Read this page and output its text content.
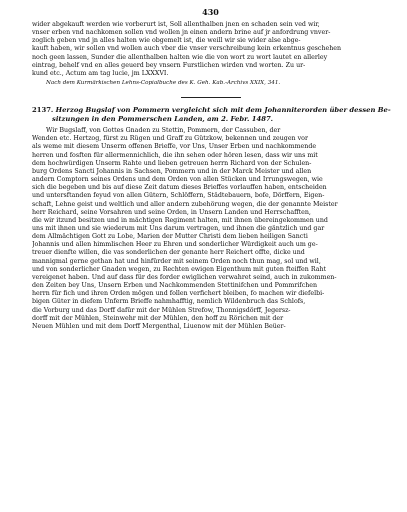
430
wider abgekauft werden wie vorberurt ist, Soll allenthalben jnen en schaden sein ved wir,
vnser erben vnd nachkomen sollen vnd wollen jn einen andern brine auf jr anfordrung vnver-
zoglich geben vnd jn alles halten wie obgemelt ist, die weill wir sie wider alse abge-
kauft haben, wir sollen vnd wollen auch vber die vnser verschreibung kein erkentnus geschehen
noch geen lassen, Sunder die allenthalben halten wie die von wort zu wort lautet en allerley
eintrag, behelf vnd en alles geuerd bey vnsern Furstlichen wirden vnd worten. Zu ur-
kund etc., Actum am tag lucie, jm LXXXVI.
Nach dem Kurmärkischen Lehns-Copialbuche des K. Geh. Kab.-Archivs XXIX, 341.
2137. Herzog Bugslaf von Pommern vergleicht sich mit dem Johanniterorden über dessen Be-
sitzungen in den Pommerschen Landen, am 2. Febr. 1487.
Wir Bugslaff, von Gottes Gnaden zu Stettin, Pommern, der Cassuben, der
Wenden etc. Hertzog, fürst zu Rügen und Graff zu Gützkow, bekennen und zeugen vor
als weme mit diesem Unserm offenen Brieffe, vor Uns, Unser Erben und nachkommende
herren und fosften für allermennichlich, die ihn sehen oder hören lesen, dass wir uns mit
dem hochwürdigen Unserm Rahte und lieben getreuen herrn Richard von der Schulen-
burg Ordens Sancti Johannis in Sachsen, Pommern und in der Marck Meister und allen
andern Comptorn seines Ordens und dem Orden von allen Stücken und Irrungswegen, wie
sich die begeben und bis auf diese Zeit datum dieses Brieffes vorlauffen haben, entscheiden
und untersftanden feyud von allen Gütern, Schlöffern, Städtebauern, bofe, Dörffern, Eigen-
schaft, Lehne geist und weltlich und aller andern zubehörung wegen, die der genannte Meister
herr Reichard, seine Vorsahren und seine Orden, in Unsern Landen und Herrschafften,
die wir itzund besitzen und in mächtigen Regiment halten, mit ihnen übereingekommen und
uns mit ihnen und sie wiederum mit Uns darum vertragen, und ihnen die gäntzlich und gar
dem Allmächtigen Gott zu Lobe, Marien der Mutter Christi dem lieben heiligen Sancti
Johannis und allen himmlischen Heer zu Ehren und sonderlicher Würdigkeit auch um ge-
treuer dienfte willen, die vas sonderlichen der genante herr Reichert offte, dicke und
mannigmal gerne gethan hat und hinfürder mit seinem Orden noch thun mag, sol und wil,
und von sonderlicher Gnaden wegen, zu Rechten ewigen Eigenthum mit guten fteiffen Raht
vereigenet haben. Und auf dass für des forder ewiglichen verwahret seind, auch in zukommen-
den Zeiten bey Uns, Unsern Erben und Nachkommenden Stettinifchen und Pommrifchen
herrn für fich und ihren Orden mögen und follen verfichert bleiben, fo machen wir diefelbi-
bigen Güter in diefem Unferm Brieffe nahmhafftig, nemlich Wildenbruch das Schlofs,
die Vorburg und das Dorff dafür mit der Mühlen Strefow, Thonnigsdörff, Jegersz-
dorff mit der Mühlen, Steinwehr mit der Mühlen, den hoff zu Rörichen mit der
Neuen Mühlen und mit dem Dorff Mergenthal, Liuenow mit der Mühlen Beüer-
